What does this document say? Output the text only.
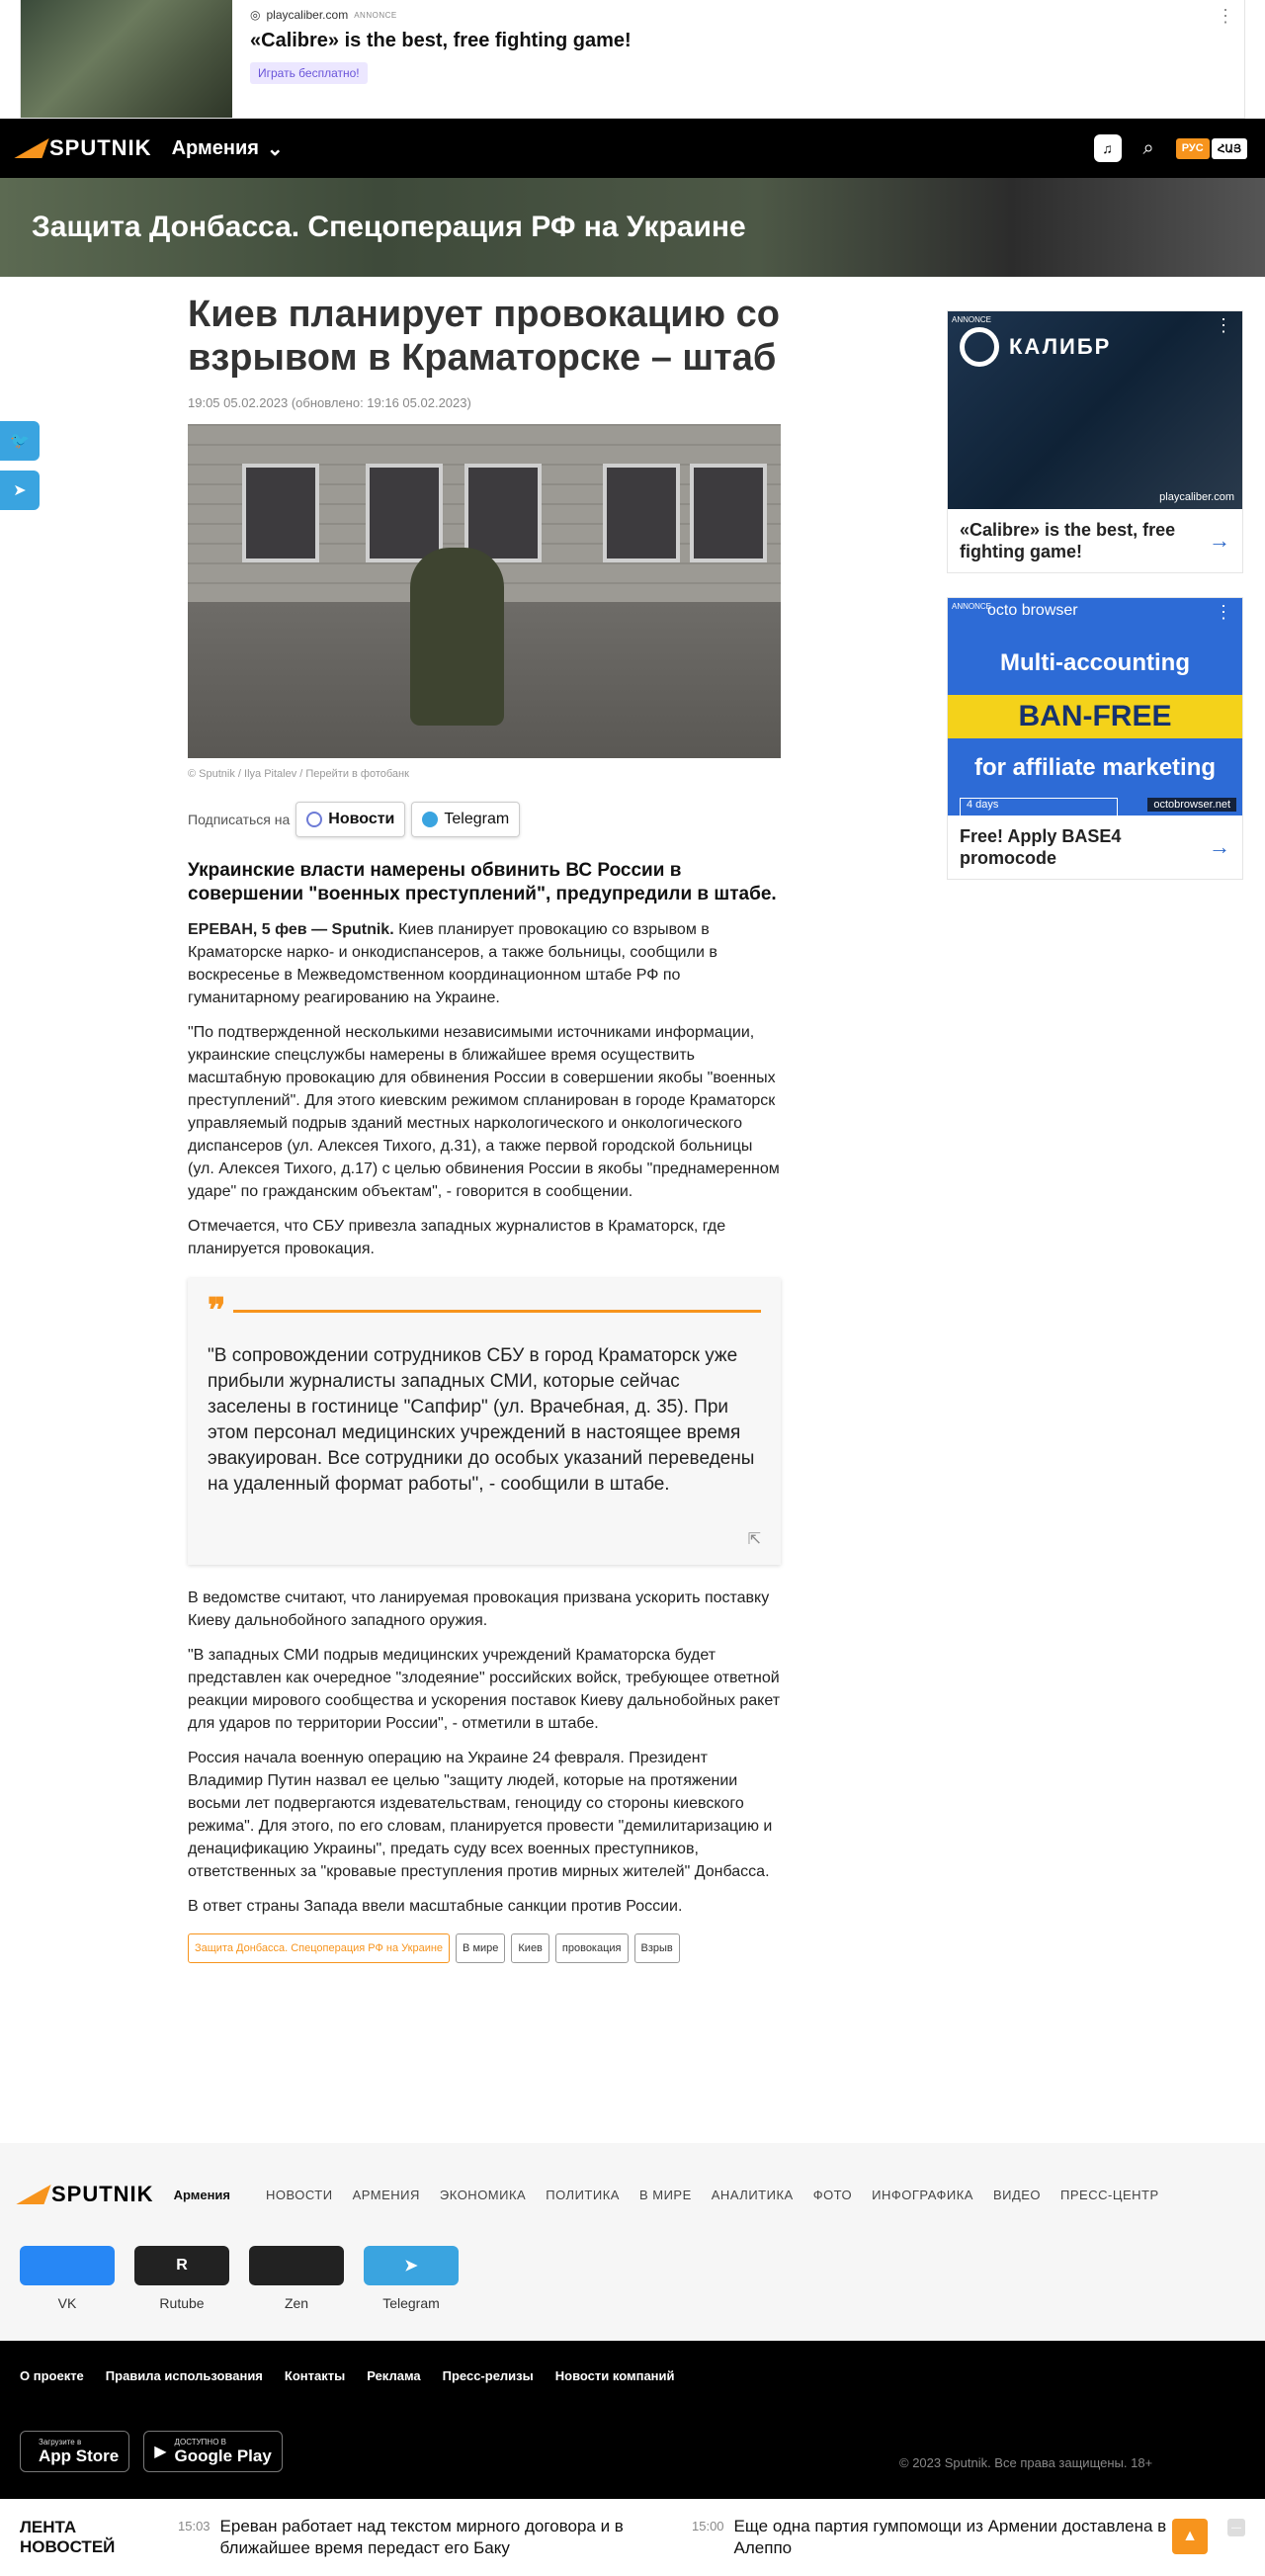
◎ playcaliber.com ANNONCE
«Calibre» is the best, free fighting game!
Играть бесплатно!
⋮
SPUTNIK Армения ⌄	♫	⌕	РУС	ՀԱՅ
Защита Донбасса. Спецоперация РФ на Украине
🐦
➤
Киев планирует провокацию со взрывом в Краматорске – штаб
19:05 05.02.2023 (обновлено: 19:16 05.02.2023)
© Sputnik / Ilya Pitalev / Перейти в фотобанк
Подписаться на Новости	Telegram
Украинские власти намерены обвинить ВС России в совершении "военных преступлений", предупредили в штабе.
ЕРЕВАН, 5 фев — Sputnik. Киев планирует провокацию со взрывом в Краматорске нарко- и онкодиспансеров, а также больницы, сообщили в воскресенье в Межведомственном координационном штабе РФ по гуманитарному реагированию на Украине.
"По подтвержденной несколькими независимыми источниками информации, украинские спецслужбы намерены в ближайшее время осуществить масштабную провокацию для обвинения России в совершении якобы "военных преступлений". Для этого киевским режимом спланирован в городе Краматорск управляемый подрыв зданий местных наркологического и онкологического диспансеров (ул. Алексея Тихого, д.31), а также первой городской больницы (ул. Алексея Тихого, д.17) с целью обвинения России в якобы "преднамеренном ударе" по гражданским объектам", - говорится в сообщении.
Отмечается, что СБУ привезла западных журналистов в Краматорск, где планируется провокация.
❞
"В сопровождении сотрудников СБУ в город Краматорск уже прибыли журналисты западных СМИ, которые сейчас заселены в гостинице "Сапфир" (ул. Врачебная, д. 35). При этом персонал медицинских учреждений в настоящее время эвакуирован. Все сотрудники до особых указаний переведены на удаленный формат работы", - сообщили в штабе.
⇱
В ведомстве считают, что ланируемая провокация призвана ускорить поставку Киеву дальнобойного западного оружия.
"В западных СМИ подрыв медицинских учреждений Краматорска будет представлен как очередное "злодеяние" российских войск, требующее ответной реакции мирового сообщества и ускорения поставок Киеву дальнобойных ракет для ударов по территории России", - отметили в штабе.
Россия начала военную операцию на Украине 24 февраля. Президент Владимир Путин назвал ее целью "защиту людей, которые на протяжении восьми лет подвергаются издевательствам, геноциду со стороны киевского режима". Для этого, по его словам, планируется провести "демилитаризацию и денацификацию Украины", предать суду всех военных преступников, ответственных за "кровавые преступления против мирных жителей" Донбасса.
В ответ страны Запада ввели масштабные санкции против России.
Защита Донбасса. Спецоперация РФ на Украине	В мире	Киев	провокация	Взрыв
ANNONCE	⋮
КАЛИБР
playcaliber.com
«Calibre» is the best, free fighting game!	→
ANNONCE	⋮
octo browser
Multi-accounting
BAN-FREE
for affiliate marketing
4 days	octobrowser.net
Free! Apply BASE4 promocode	→
SPUTNIK Армения	НОВОСТИ АРМЕНИЯ ЭКОНОМИКА ПОЛИТИКА В МИРЕ АНАЛИТИКА ФОТО ИНФОГРАФИКА ВИДЕО ПРЕСС-ЦЕНТР
VK
R
Rutube	Zen
➤
Telegram
О проекте Правила использования Контакты Реклама Пресс-релизы Новости компаний
Загрузите в
App Store ▶
ДОСТУПНО В
Google Play	© 2023 Sputnik. Все права защищены. 18+
ЛЕНТА НОВОСТЕЙ
15:03 Ереван работает над текстом мирного договора и в ближайшее время передаст его Баку
15:00 Еще одна партия гумпомощи из Армении доставлена в Алеппо
▲	—
